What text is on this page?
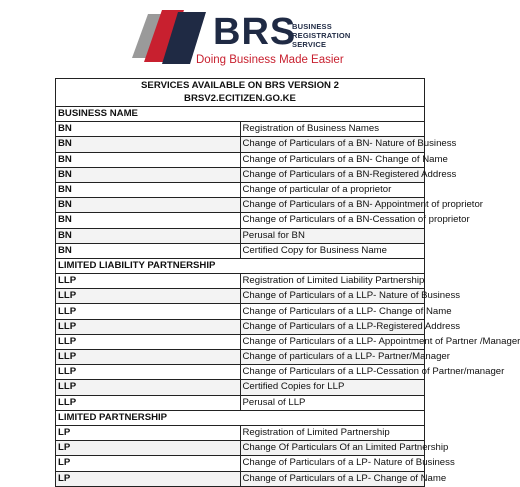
BRS
BUSINESS
REGISTRATION
SERVICE
Doing Business Made Easier
SERVICES AVAILABLE ON BRS VERSION 2
BRSV2.ECITIZEN.GO.KE	

BUSINESS NAME	
BN	Registration of Business Names
BN	Change of Particulars of a BN- Nature of Business
BN	Change of Particulars of a BN- Change of Name
BN	Change of Particulars of a BN-Registered Address
BN	Change of particular of a proprietor
BN	Change of Particulars of a BN- Appointment of proprietor
BN	Change of Particulars of a BN-Cessation of proprietor
BN	Perusal for BN
BN	Certified Copy for Business Name
LIMITED LIABILITY PARTNERSHIP	
LLP	Registration of Limited Liability Partnership
LLP	Change of Particulars of a LLP- Nature of Business
LLP	Change of Particulars of a LLP- Change of Name
LLP	Change of Particulars of a LLP-Registered Address
LLP	Change of Particulars of a LLP- Appointment of Partner /Manager
LLP	Change of particulars of a LLP- Partner/Manager
LLP	Change of Particulars of a LLP-Cessation of Partner/manager
LLP	Certified Copies for LLP
LLP	Perusal of LLP
LIMITED PARTNERSHIP	
LP	Registration of Limited Partnership
LP	Change Of Particulars Of an Limited Partnership
LP	Change of Particulars of a LP- Nature of Business
LP	Change of Particulars of a LP- Change of Name
